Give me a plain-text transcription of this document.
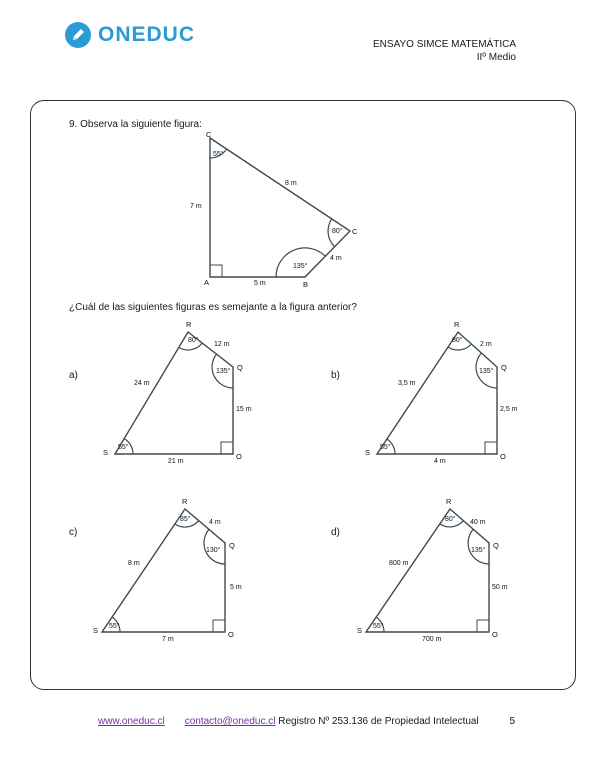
ONEDUC	ENSAYO SIMCE MATEMÁTICA
IIº Medio
9. Observa la siguiente figura:
C
C
A	B
55°
80°
135°
7 m
8 m
4 m
5 m
¿Cuál de las siguientes figuras es semejante a la figura anterior?
a)
R
Q
S	O
80°
135°
55°
12 m
24 m
15 m
21 m
b)
R
Q
S	O
80°
135°
55°
2 m
3,5 m
2,5 m
4 m
c)
R
Q
S	O
85°
130°
55°
4 m
8 m
5 m
7 m
d)
R
Q
S	O
80°
135°
55°
40 m
800 m
50 m
700 m
www.oneduc.cl contacto@oneduc.cl Registro Nº 253.136 de Propiedad Intelectual	5
